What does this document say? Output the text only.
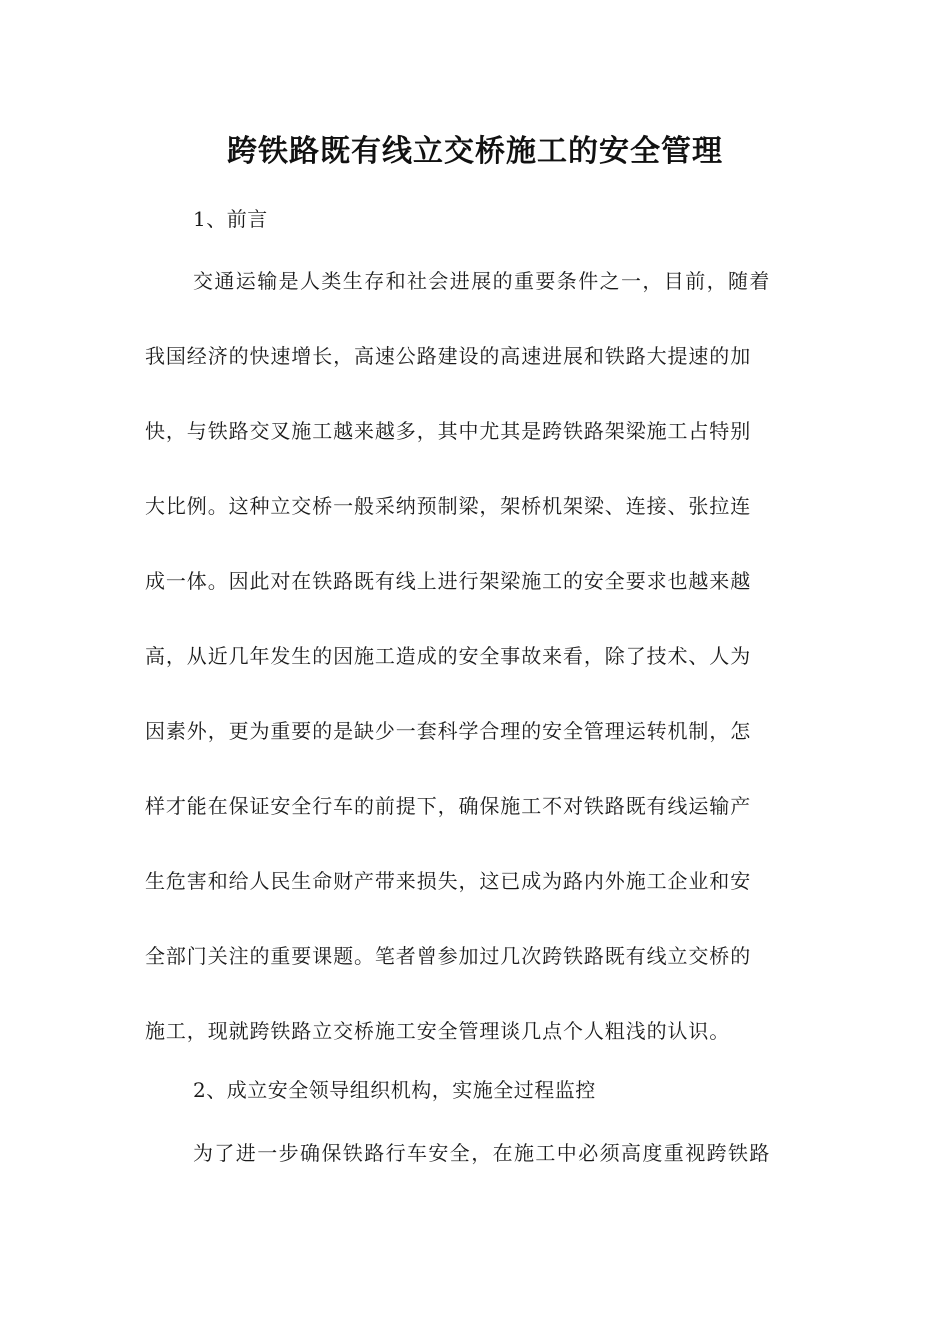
跨铁路既有线立交桥施工的安全管理
1、前言
交通运输是人类生存和社会进展的重要条件之一，目前，随着
我国经济的快速增长，高速公路建设的高速进展和铁路大提速的加
快，与铁路交叉施工越来越多，其中尤其是跨铁路架梁施工占特别
大比例。这种立交桥一般采纳预制梁，架桥机架梁、连接、张拉连
成一体。因此对在铁路既有线上进行架梁施工的安全要求也越来越
高，从近几年发生的因施工造成的安全事故来看，除了技术、人为
因素外，更为重要的是缺少一套科学合理的安全管理运转机制，怎
样才能在保证安全行车的前提下，确保施工不对铁路既有线运输产
生危害和给人民生命财产带来损失，这已成为路内外施工企业和安
全部门关注的重要课题。笔者曾参加过几次跨铁路既有线立交桥的
施工，现就跨铁路立交桥施工安全管理谈几点个人粗浅的认识。
2、成立安全领导组织机构，实施全过程监控
为了进一步确保铁路行车安全，在施工中必须高度重视跨铁路
